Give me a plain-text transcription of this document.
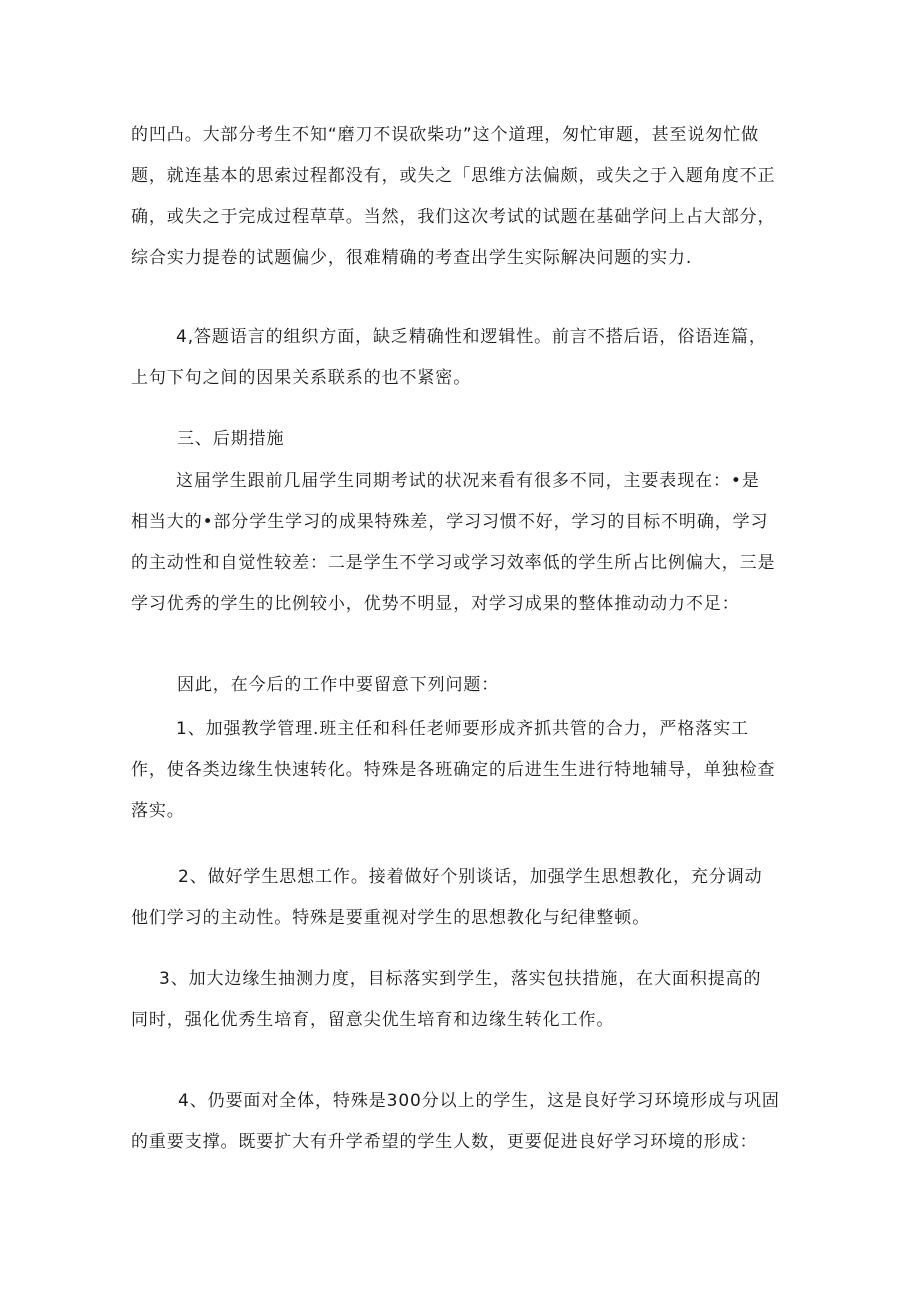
的凹凸。大部分考生不知“磨刀不误砍柴功”这个道理，匆忙审题，甚至说匆忙做
题，就连基本的思索过程都没有，或失之「思维方法偏颇，或失之于入题角度不正
确，或失之于完成过程草草。当然，我们这次考试的试题在基础学问上占大部分，
综合实力提卷的试题偏少，很难精确的考查出学生实际解决问题的实力.
4,答题语言的组织方面，缺乏精确性和逻辑性。前言不搭后语，俗语连篇，
上句下句之间的因果关系联系的也不紧密。
三、后期措施
这届学生跟前几届学生同期考试的状况来看有很多不同，主要表现在：•是
相当大的•部分学生学习的成果特殊差，学习习惯不好，学习的目标不明确，学习
的主动性和自觉性较差：二是学生不学习或学习效率低的学生所占比例偏大，三是
学习优秀的学生的比例较小，优势不明显，对学习成果的整体推动动力不足：
因此，在今后的工作中要留意下列问题：
1、加强教学管理.班主任和科任老师要形成齐抓共管的合力，严格落实工
作，使各类边缘生快速转化。特殊是各班确定的后进生生进行特地辅导，单独检查
落实。
2、做好学生思想工作。接着做好个别谈话，加强学生思想教化，充分调动
他们学习的主动性。特殊是要重视对学生的思想教化与纪律整顿。
3、加大边缘生抽测力度，目标落实到学生，落实包扶措施，在大面积提高的
同时，强化优秀生培育，留意尖优生培育和边缘生转化工作。
4、仍要面对全体，特殊是300分以上的学生，这是良好学习环境形成与巩固
的重要支撑。既要扩大有升学希望的学生人数，更要促进良好学习环境的形成：
